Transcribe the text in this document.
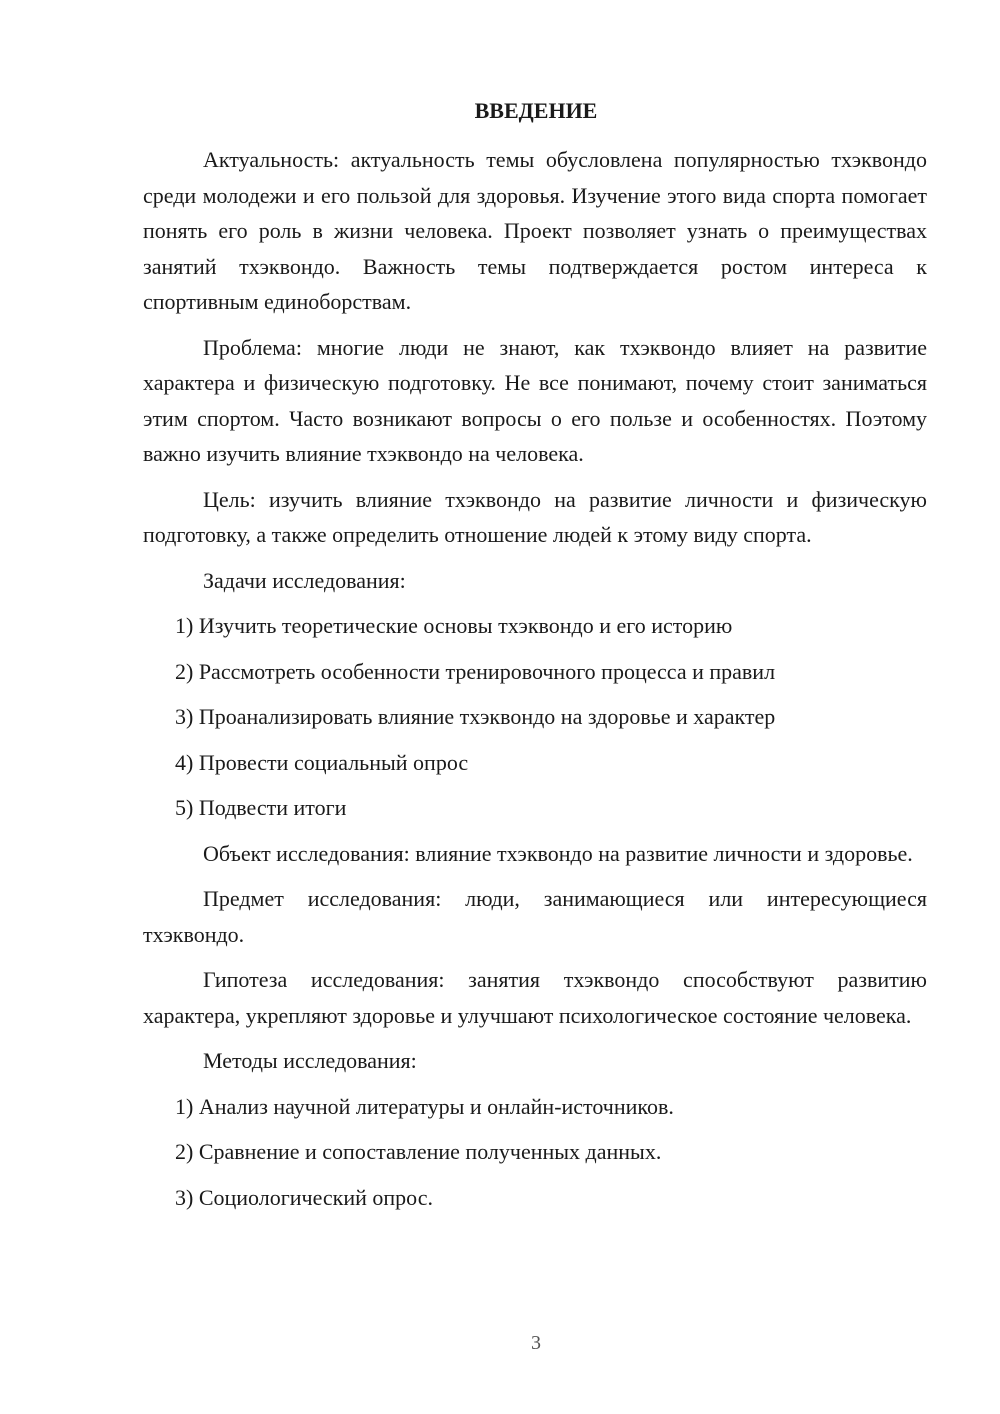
ВВЕДЕНИЕ

Актуальность: актуальность темы обусловлена популярностью тхэквондо среди молодежи и его пользой для здоровья. Изучение этого вида спорта помогает понять его роль в жизни человека. Проект позволяет узнать о преимуществах занятий тхэквондо. Важность темы подтверждается ростом интереса к спортивным единоборствам.

Проблема: многие люди не знают, как тхэквондо влияет на развитие характера и физическую подготовку. Не все понимают, почему стоит заниматься этим спортом. Часто возникают вопросы о его пользе и особенностях. Поэтому важно изучить влияние тхэквондо на человека.

Цель: изучить влияние тхэквондо на развитие личности и физическую подготовку, а также определить отношение людей к этому виду спорта.

Задачи исследования:

1) Изучить теоретические основы тхэквондо и его историю
2) Рассмотреть особенности тренировочного процесса и правил
3) Проанализировать влияние тхэквондо на здоровье и характер
4) Провести социальный опрос
5) Подвести итоги

Объект исследования: влияние тхэквондо на развитие личности и здоровье.

Предмет исследования: люди, занимающиеся или интересующиеся тхэквондо.

Гипотеза исследования: занятия тхэквондо способствуют развитию характера, укрепляют здоровье и улучшают психологическое состояние человека.

Методы исследования:

1) Анализ научной литературы и онлайн-источников.
2) Сравнение и сопоставление полученных данных.
3) Социологический опрос.
3
